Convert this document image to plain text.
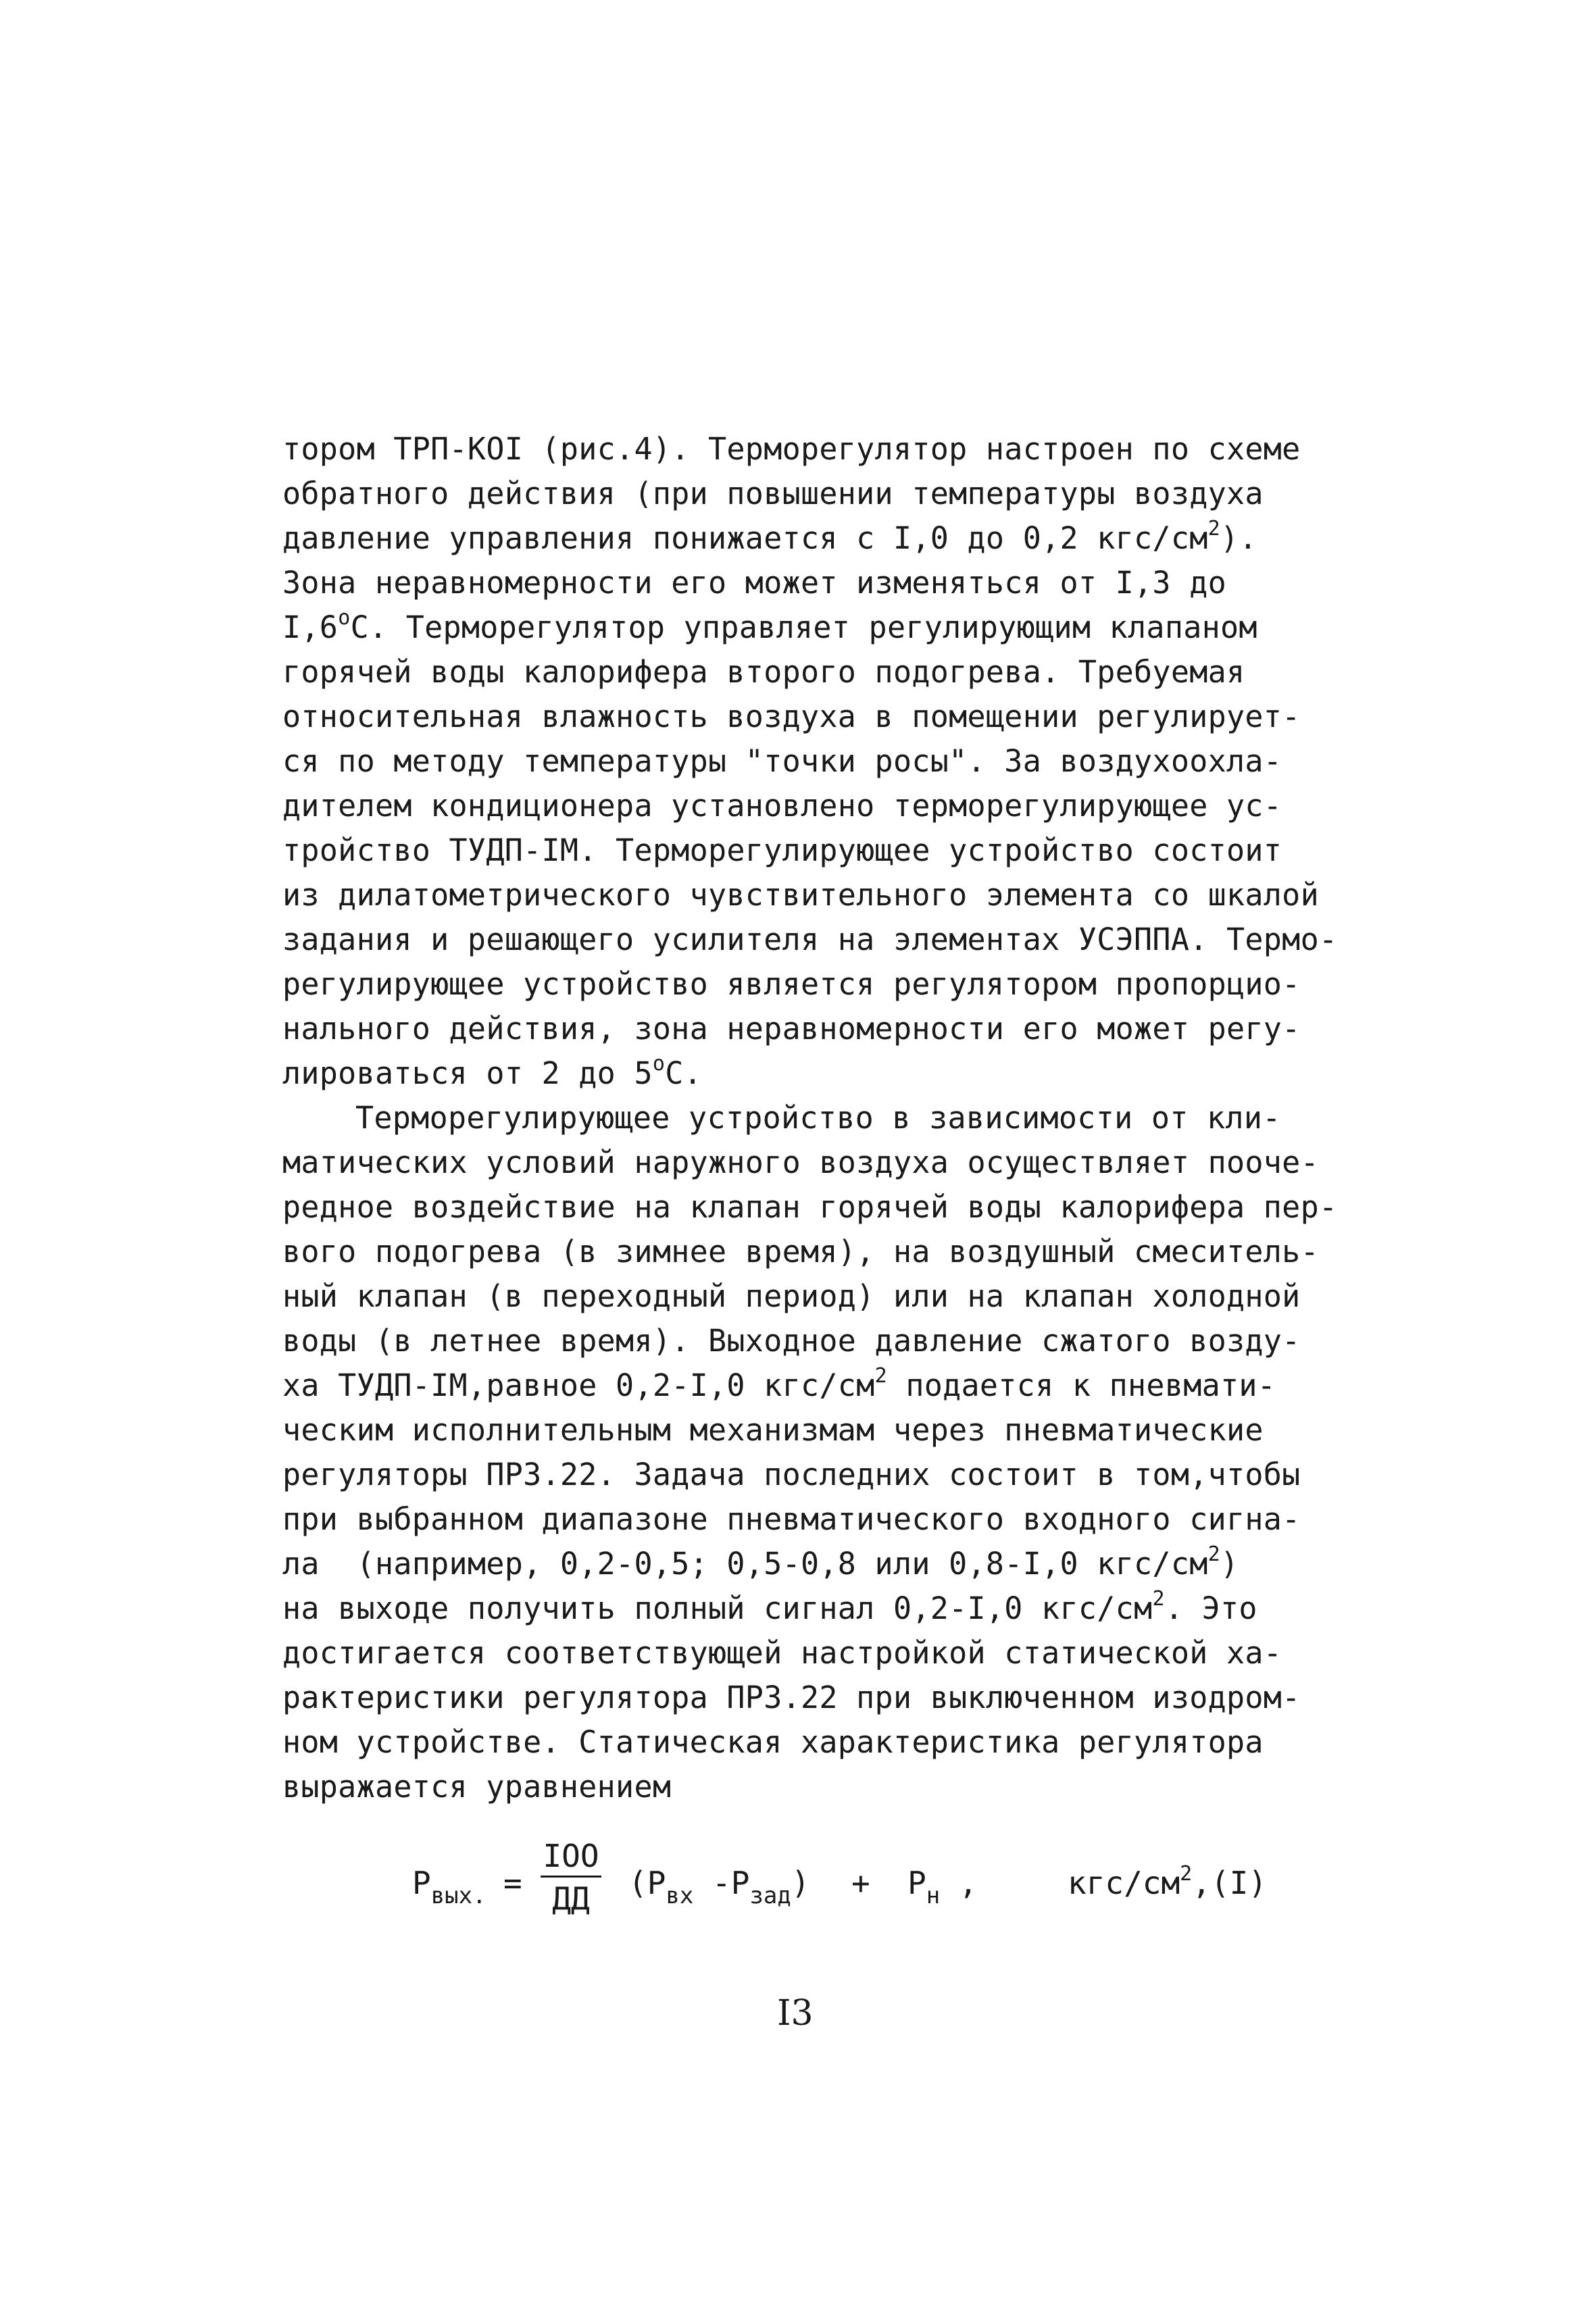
тором ТРП-КОI (рис.4). Терморегулятор настроен по схеме
обратного действия (при повышении температуры воздуха
давление управления понижается с I,0 до 0,2 кгс/$см^2$).
Зона неравномерности его может изменяться от I,3 до
$I,6^оС$. Терморегулятор управляет регулирующим клапаном
горячей воды калорифера второго подогрева. Требуемая
относительная влажность воздуха в помещении регулирует-
ся по методу температуры "точки росы". За воздухоохла-
дителем кондиционера установлено терморегулирующее ус-
тройство ТУДП-IМ. Терморегулирующее устройство состоит
из дилатометрического чувствительного элемента со шкалой
задания и решающего усилителя на элементах УСЭППА. Термо-
регулирующее устройство является регулятором пропорцио-
нального действия, зона неравномерности его может регу-
лироваться от 2 до $5^оС$.
Терморегулирующее устройство в зависимости от кли-
матических условий наружного воздуха осуществляет пооче-
редное воздействие на клапан горячей воды калорифера пер-
вого подогрева (в зимнее время), на воздушный смеситель-
ный клапан (в переходный период) или на клапан холодной
воды (в летнее время). Выходное давление сжатого возду-
ха ТУДП-IМ,равное 0,2-I,0 кгс/$см^2$ подается к пневмати-
ческим исполнительным механизмам через пневматические
регуляторы ПРЗ.22. Задача последних состоит в том,чтобы
при выбранном диапазоне пневматического входного сигна-
ла  (например, 0,2-0,5; 0,5-0,8 или 0,8-I,0 кгс/$см^2$)
на выходе получить полный сигнал 0,2-I,0 кгс/$см^2$. Это
достигается соответствующей настройкой статической ха-
рактеристики регулятора ПРЗ.22 при выключенном изодром-
ном устройстве. Статическая характеристика регулятора
выражается уравнением
$Р_{вых.}$ =
IOO
ДД	($Р_{вх}$ $-Р_{зад}) + Р_н$ ,	кгс/$см^2,(I)$
I3
